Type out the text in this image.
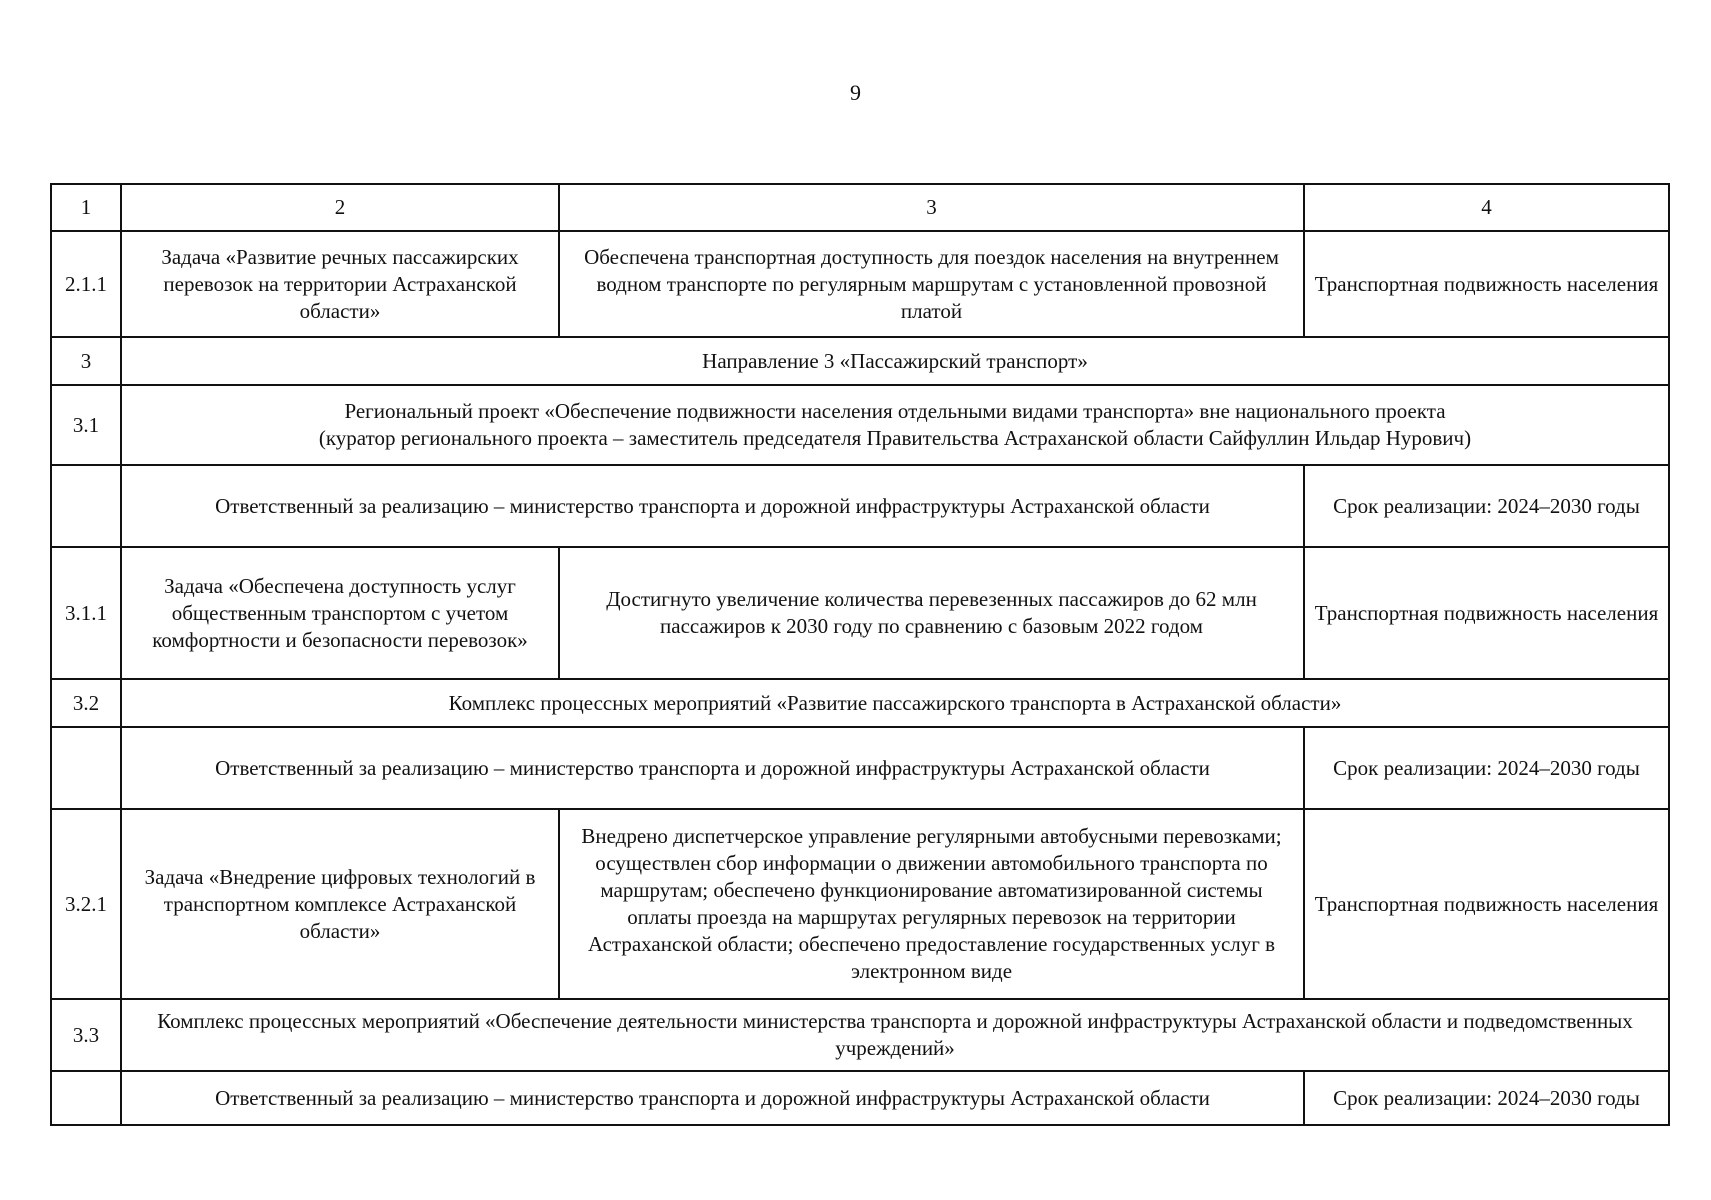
9
1	2	3	4
2.1.1	Задача «Развитие речных пассажирских перевозок на территории Астраханской области»	Обеспечена транспортная доступность для поездок населения на внутреннем водном транспорте по регулярным маршрутам с установленной провозной платой	Транспортная подвижность населения
3	Направление 3 «Пассажирский транспорт»		
3.1	Региональный проект «Обеспечение подвижности населения отдельными видами транспорта» вне национального проекта
(куратор регионального проекта – заместитель председателя Правительства Астраханской области Сайфуллин Ильдар Нурович)		

	Ответственный за реализацию – министерство транспорта и дорожной инфраструктуры Астраханской области		Срок реализации: 2024–2030 годы
3.1.1	Задача «Обеспечена доступность услуг общественным транспортом с учетом комфортности и безопасности перевозок»	Достигнуто увеличение количества перевезенных пассажиров до 62 млн пассажиров к 2030 году по сравнению с базовым 2022 годом	Транспортная подвижность населения
3.2	Комплекс процессных мероприятий «Развитие пассажирского транспорта в Астраханской области»		
	Ответственный за реализацию – министерство транспорта и дорожной инфраструктуры Астраханской области		Срок реализации: 2024–2030 годы
3.2.1	Задача «Внедрение цифровых технологий в транспортном комплексе Астраханской области»	Внедрено диспетчерское управление регулярными автобусными перевозками; осуществлен сбор информации о движении автомобильного транспорта по маршрутам; обеспечено функционирование автоматизированной системы оплаты проезда на маршрутах регулярных перевозок на территории Астраханской области; обеспечено предоставление государственных услуг в электронном виде	Транспортная подвижность населения
3.3	Комплекс процессных мероприятий «Обеспечение деятельности министерства транспорта и дорожной инфраструктуры Астраханской области и подведомственных учреждений»		
	Ответственный за реализацию – министерство транспорта и дорожной инфраструктуры Астраханской области		Срок реализации: 2024–2030 годы
